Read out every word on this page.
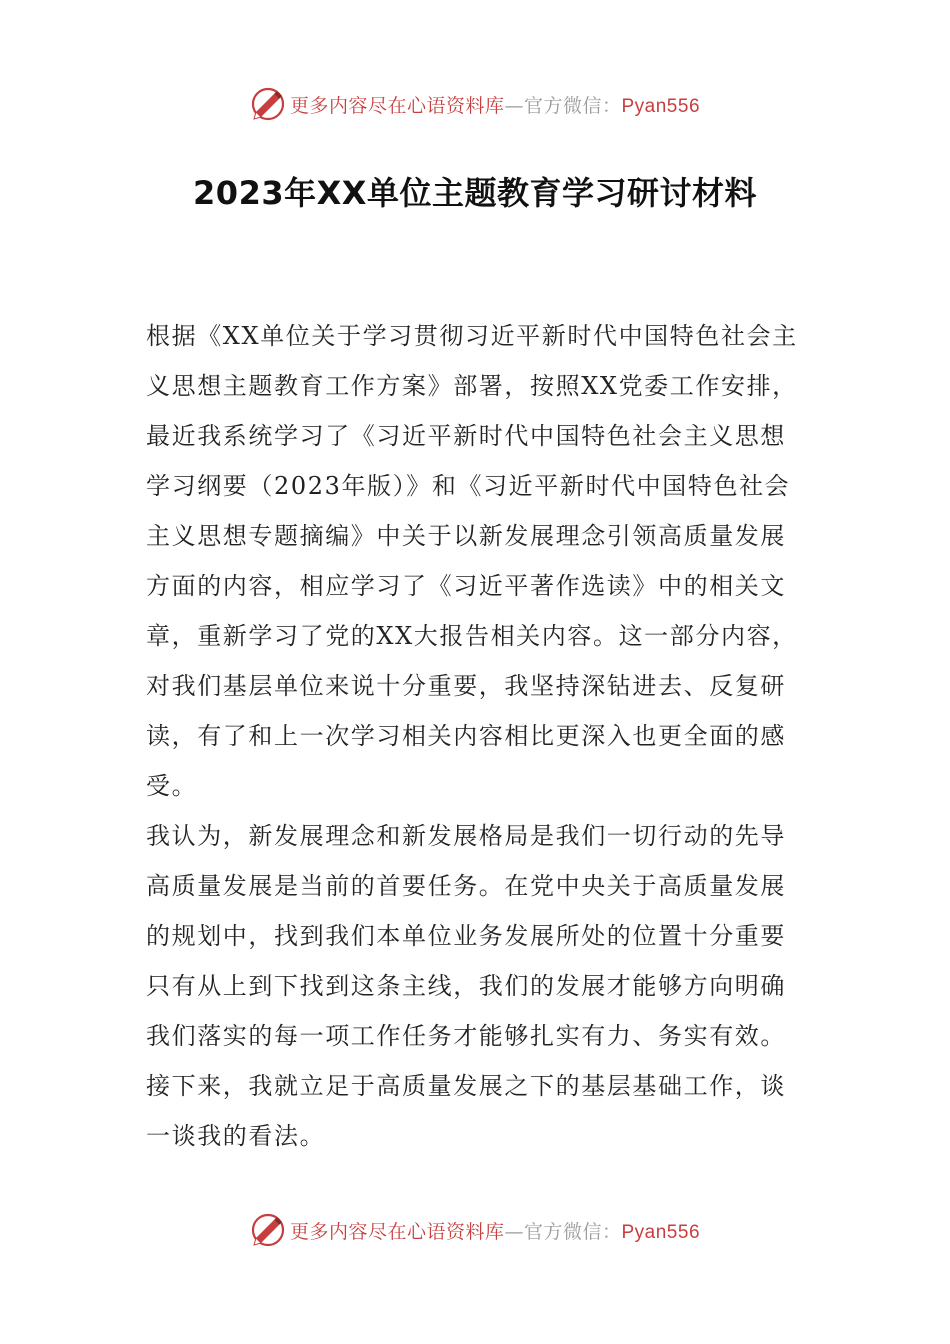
更多内容尽在心语资料库—官方微信：Pyan556
2023年XX单位主题教育学习研讨材料
根据《XX单位关于学习贯彻习近平新时代中国特色社会主
义思想主题教育工作方案》部署，按照XX党委工作安排，
最近我系统学习了《习近平新时代中国特色社会主义思想
学习纲要（2023年版）》和《习近平新时代中国特色社会
主义思想专题摘编》中关于以新发展理念引领高质量发展
方面的内容，相应学习了《习近平著作选读》中的相关文
章，重新学习了党的XX大报告相关内容。这一部分内容，
对我们基层单位来说十分重要，我坚持深钻进去、反复研
读，有了和上一次学习相关内容相比更深入也更全面的感
受。
我认为，新发展理念和新发展格局是我们一切行动的先导
高质量发展是当前的首要任务。在党中央关于高质量发展
的规划中，找到我们本单位业务发展所处的位置十分重要
只有从上到下找到这条主线，我们的发展才能够方向明确
我们落实的每一项工作任务才能够扎实有力、务实有效。
接下来，我就立足于高质量发展之下的基层基础工作，谈
一谈我的看法。
更多内容尽在心语资料库—官方微信：Pyan556
